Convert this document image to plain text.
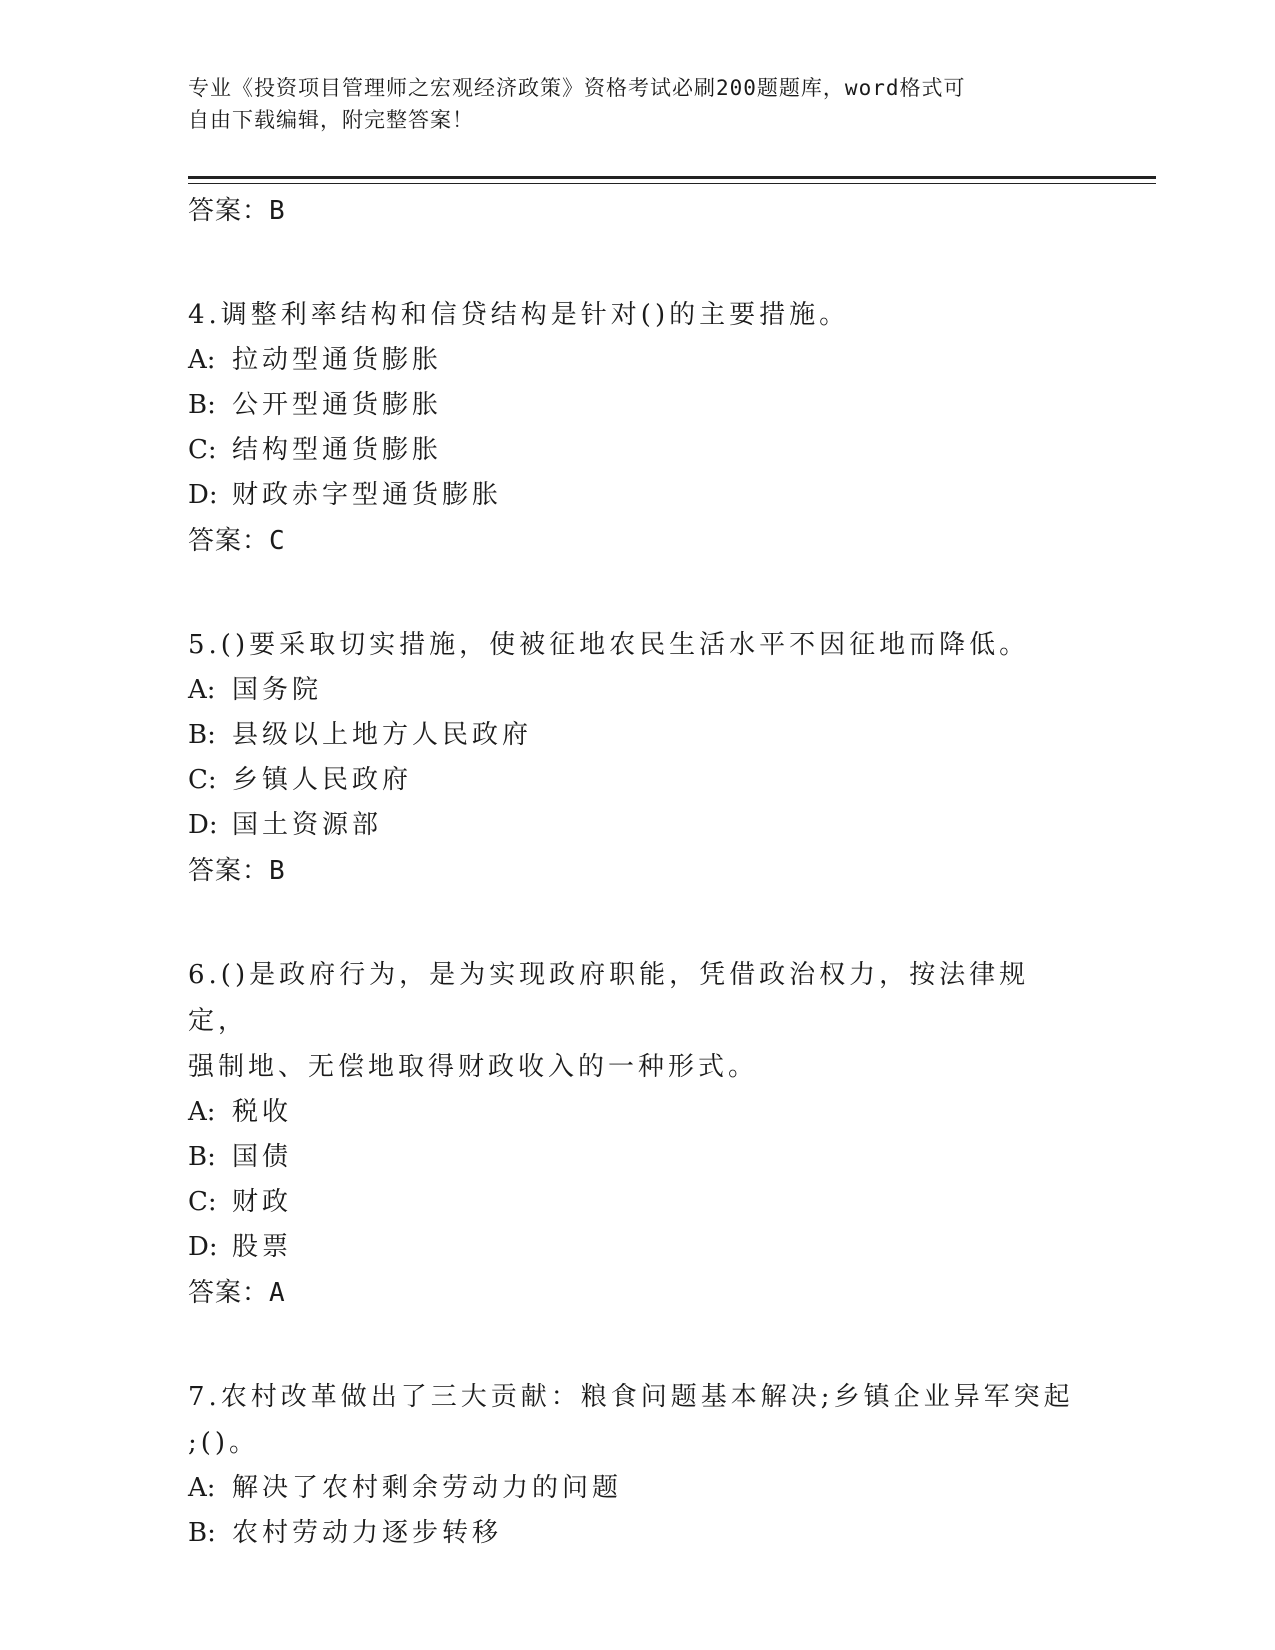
专业《投资项目管理师之宏观经济政策》资格考试必刷200题题库，word格式可
自由下载编辑，附完整答案！
答案：B
4.调整利率结构和信贷结构是针对()的主要措施。
A: 拉动型通货膨胀
B: 公开型通货膨胀
C: 结构型通货膨胀
D: 财政赤字型通货膨胀
答案：C
5.()要采取切实措施，使被征地农民生活水平不因征地而降低。
A: 国务院
B: 县级以上地方人民政府
C: 乡镇人民政府
D: 国土资源部
答案：B
6.()是政府行为，是为实现政府职能，凭借政治权力，按法律规定，
强制地、无偿地取得财政收入的一种形式。
A: 税收
B: 国债
C: 财政
D: 股票
答案：A
7.农村改革做出了三大贡献：粮食问题基本解决;乡镇企业异军突起
;()。
A: 解决了农村剩余劳动力的问题
B: 农村劳动力逐步转移
